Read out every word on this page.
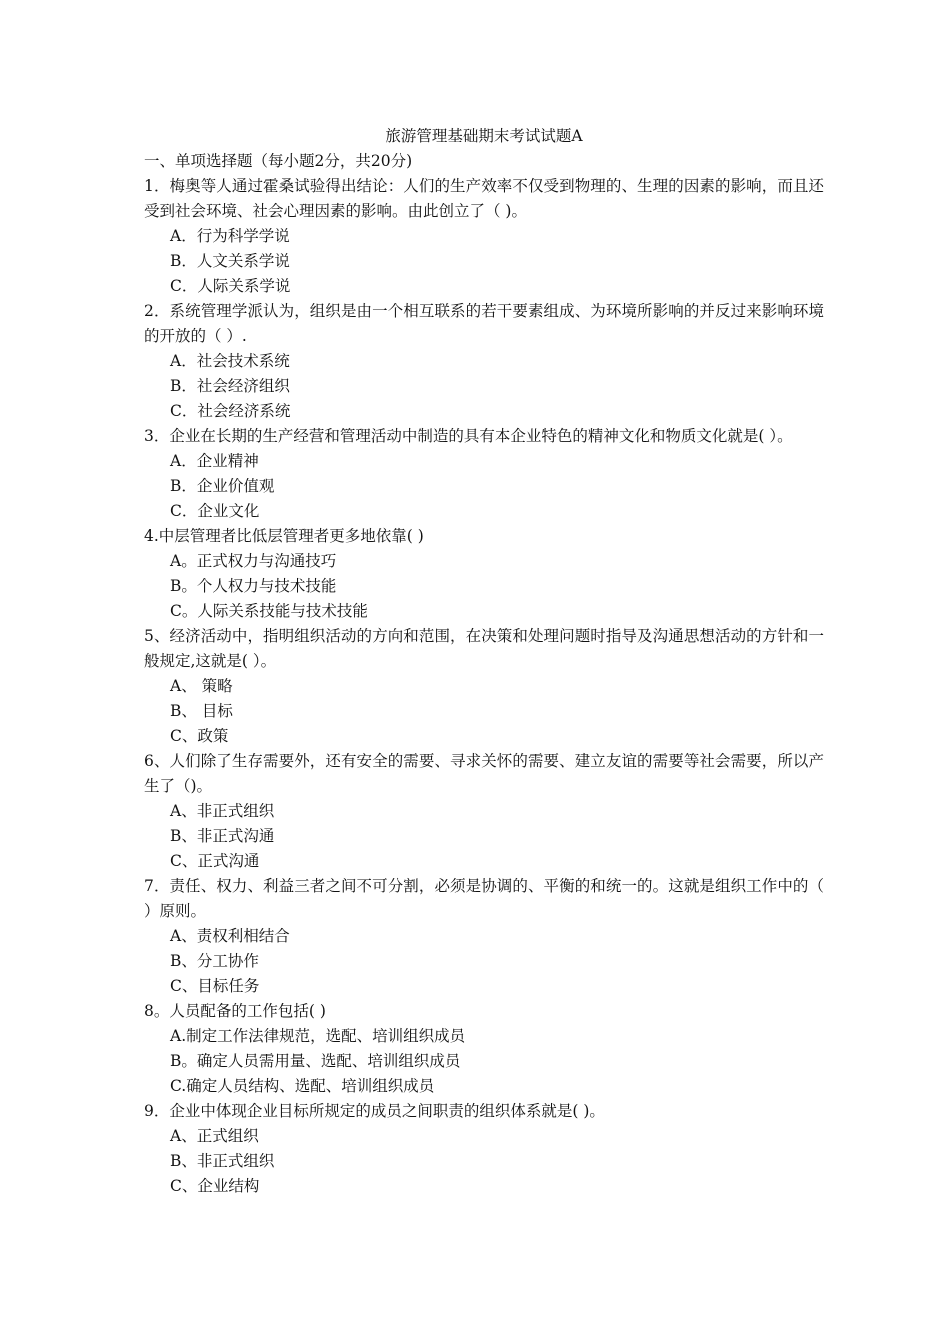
旅游管理基础期末考试试题A
一、单项选择题（每小题2分，共20分)
1．梅奥等人通过霍桑试验得出结论：人们的生产效率不仅受到物理的、生理的因素的影响，而且还受到社会环境、社会心理因素的影响。由此创立了（ )。
A．行为科学学说
B．人文关系学说
C．人际关系学说
2．系统管理学派认为，组织是由一个相互联系的若干要素组成、为环境所影响的并反过来影响环境的开放的（ ）.
A．社会技术系统
B．社会经济组织
C．社会经济系统
3．企业在长期的生产经营和管理活动中制造的具有本企业特色的精神文化和物质文化就是( ）。
A．企业精神
B．企业价值观
C．企业文化
4.中层管理者比低层管理者更多地依靠( )
A。正式权力与沟通技巧
B。个人权力与技术技能
C。人际关系技能与技术技能
5、经济活动中，指明组织活动的方向和范围，在决策和处理问题时指导及沟通思想活动的方针和一般规定,这就是( ）。
A、 策略
B、 目标
C、政策
6、人们除了生存需要外，还有安全的需要、寻求关怀的需要、建立友谊的需要等社会需要，所以产生了（)。
A、非正式组织
B、非正式沟通
C、正式沟通
7．责任、权力、利益三者之间不可分割，必须是协调的、平衡的和统一的。这就是组织工作中的（ ）原则。
A、责权利相结合
B、分工协作
C、目标任务
8。人员配备的工作包括( )
A.制定工作法律规范，选配、培训组织成员
B。确定人员需用量、选配、培训组织成员
C.确定人员结构、选配、培训组织成员
9．企业中体现企业目标所规定的成员之间职责的组织体系就是( )。
A、正式组织
B、非正式组织
C、企业结构
